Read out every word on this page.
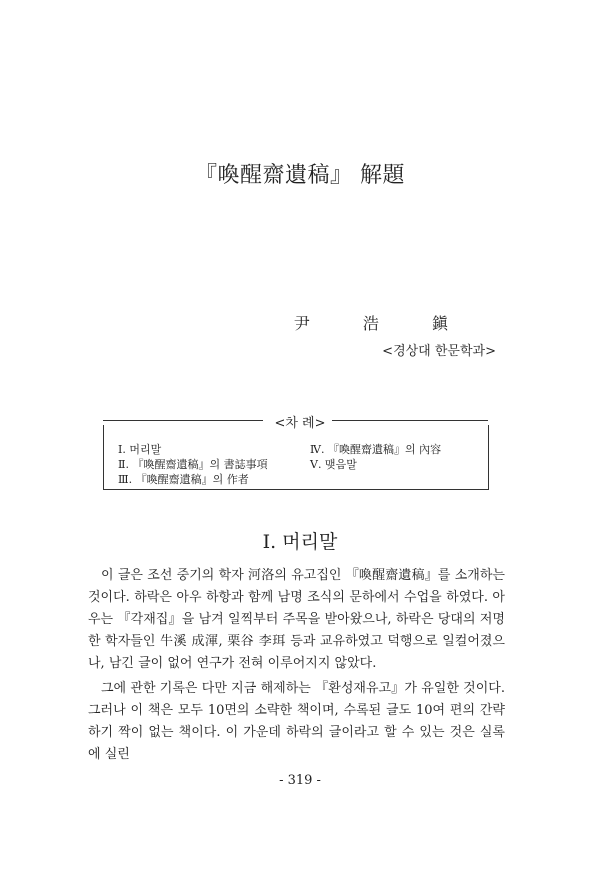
『喚醒齋遺稿』 解題
尹 浩 鎭
<경상대 한문학과>
<차 례>
Ⅰ. 머리말
Ⅱ. 『喚醒齋遺稿』의 書誌事項
Ⅲ. 『喚醒齋遺稿』의 作者
Ⅳ. 『喚醒齋遺稿』의 內容
Ⅴ. 맺음말
Ⅰ. 머리말

이 글은 조선 중기의 학자 河洛의 유고집인 『喚醒齋遺稿』를 소개하는 것이다. 하락은 아우 하항과 함께 남명 조식의 문하에서 수업을 하였다. 아우는 『각재집』을 남겨 일찍부터 주목을 받아왔으나, 하락은 당대의 저명한 학자들인 牛溪 成渾, 栗谷 李珥 등과 교유하였고 덕행으로 일컬어졌으나, 남긴 글이 없어 연구가 전혀 이루어지지 않았다.

그에 관한 기록은 다만 지금 해제하는 『환성재유고』가 유일한 것이다. 그러나 이 책은 모두 10면의 소략한 책이며, 수록된 글도 10여 편의 간략하기 짝이 없는 책이다. 이 가운데 하락의 글이라고 할 수 있는 것은 실록에 실린

- 319 -
